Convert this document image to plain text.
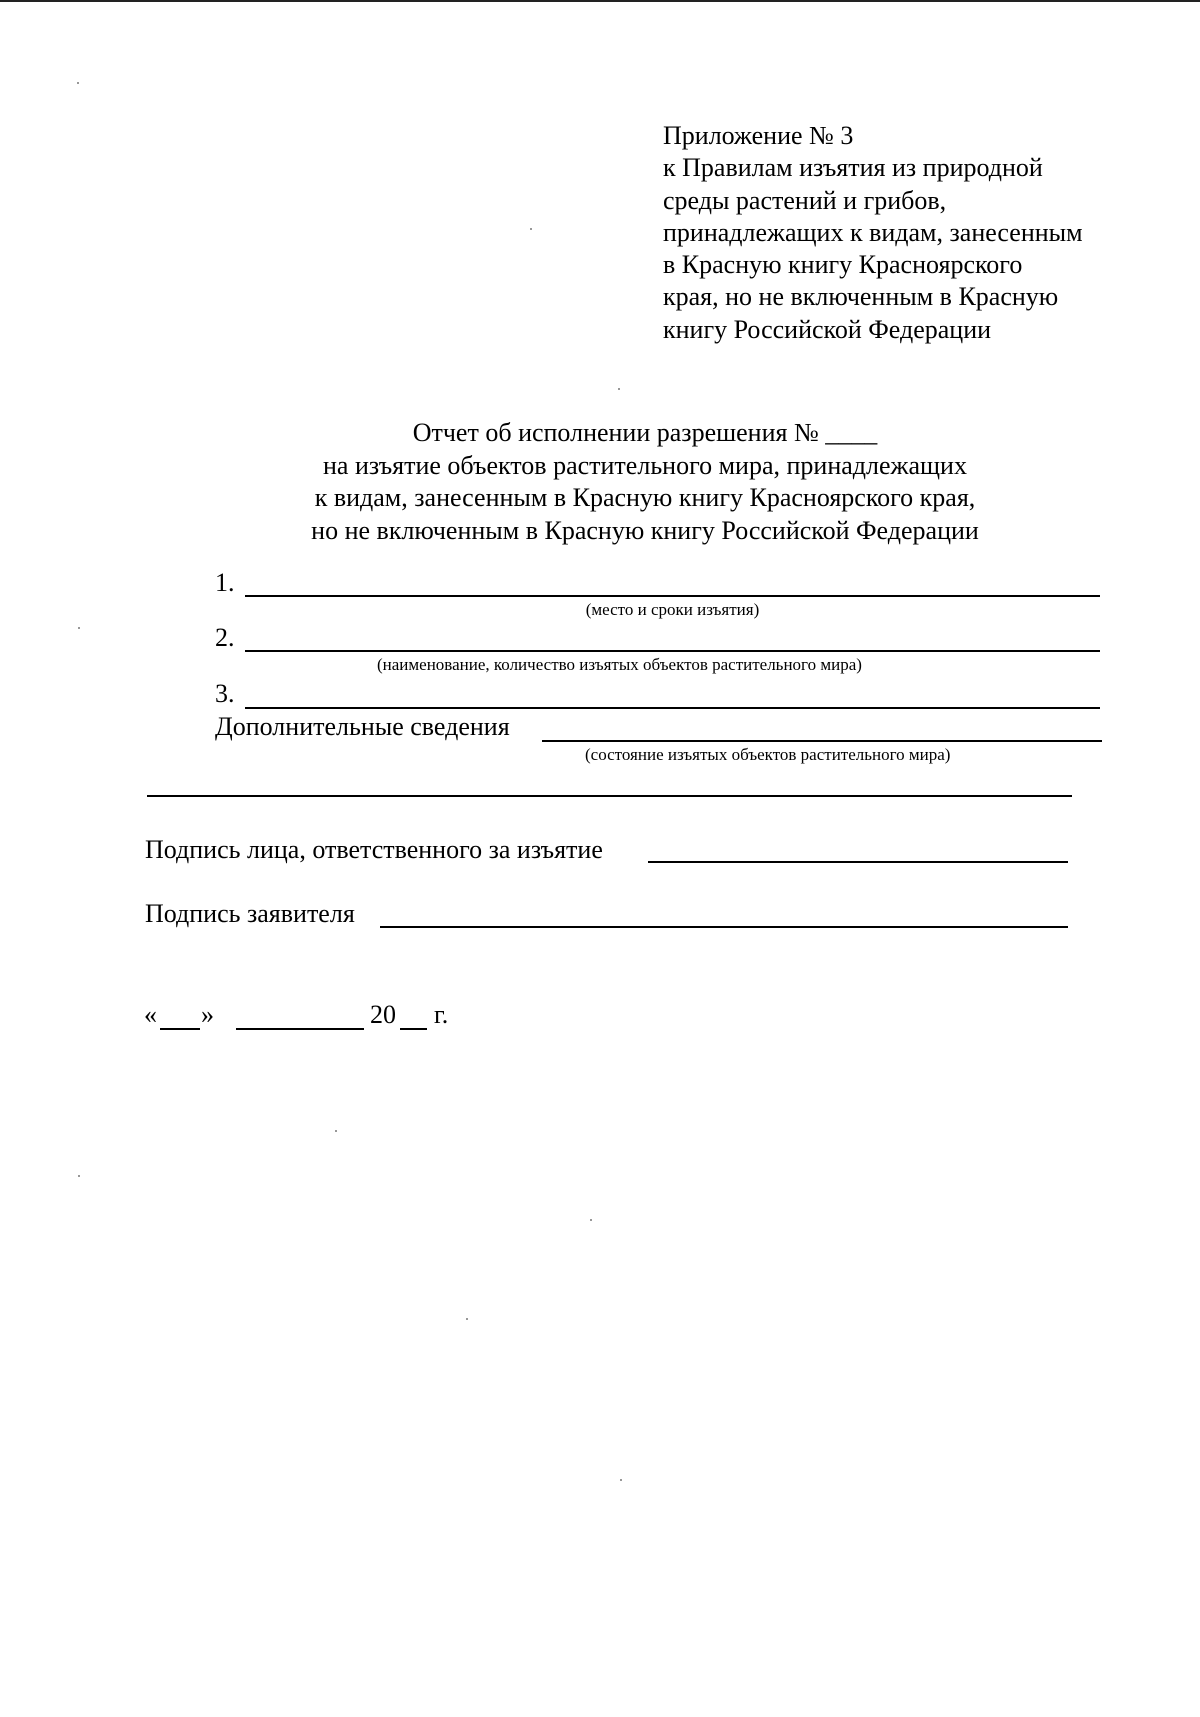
Приложение № 3
к Правилам изъятия из природной
среды растений и грибов,
принадлежащих к видам, занесенным
в Красную книгу Красноярского
края, но не включенным в Красную
книгу Российской Федерации
Отчет об исполнении разрешения № ____
на изъятие объектов растительного мира, принадлежащих
к видам, занесенным в Красную книгу Красноярского края,
но не включенным в Красную книгу Российской Федерации
1.
(место и сроки изъятия)
2.
(наименование, количество изъятых объектов растительного мира)
3.
Дополнительные сведения
(состояние изъятых объектов растительного мира)
Подпись лица, ответственного за изъятие
Подпись заявителя
« »	20 г.
